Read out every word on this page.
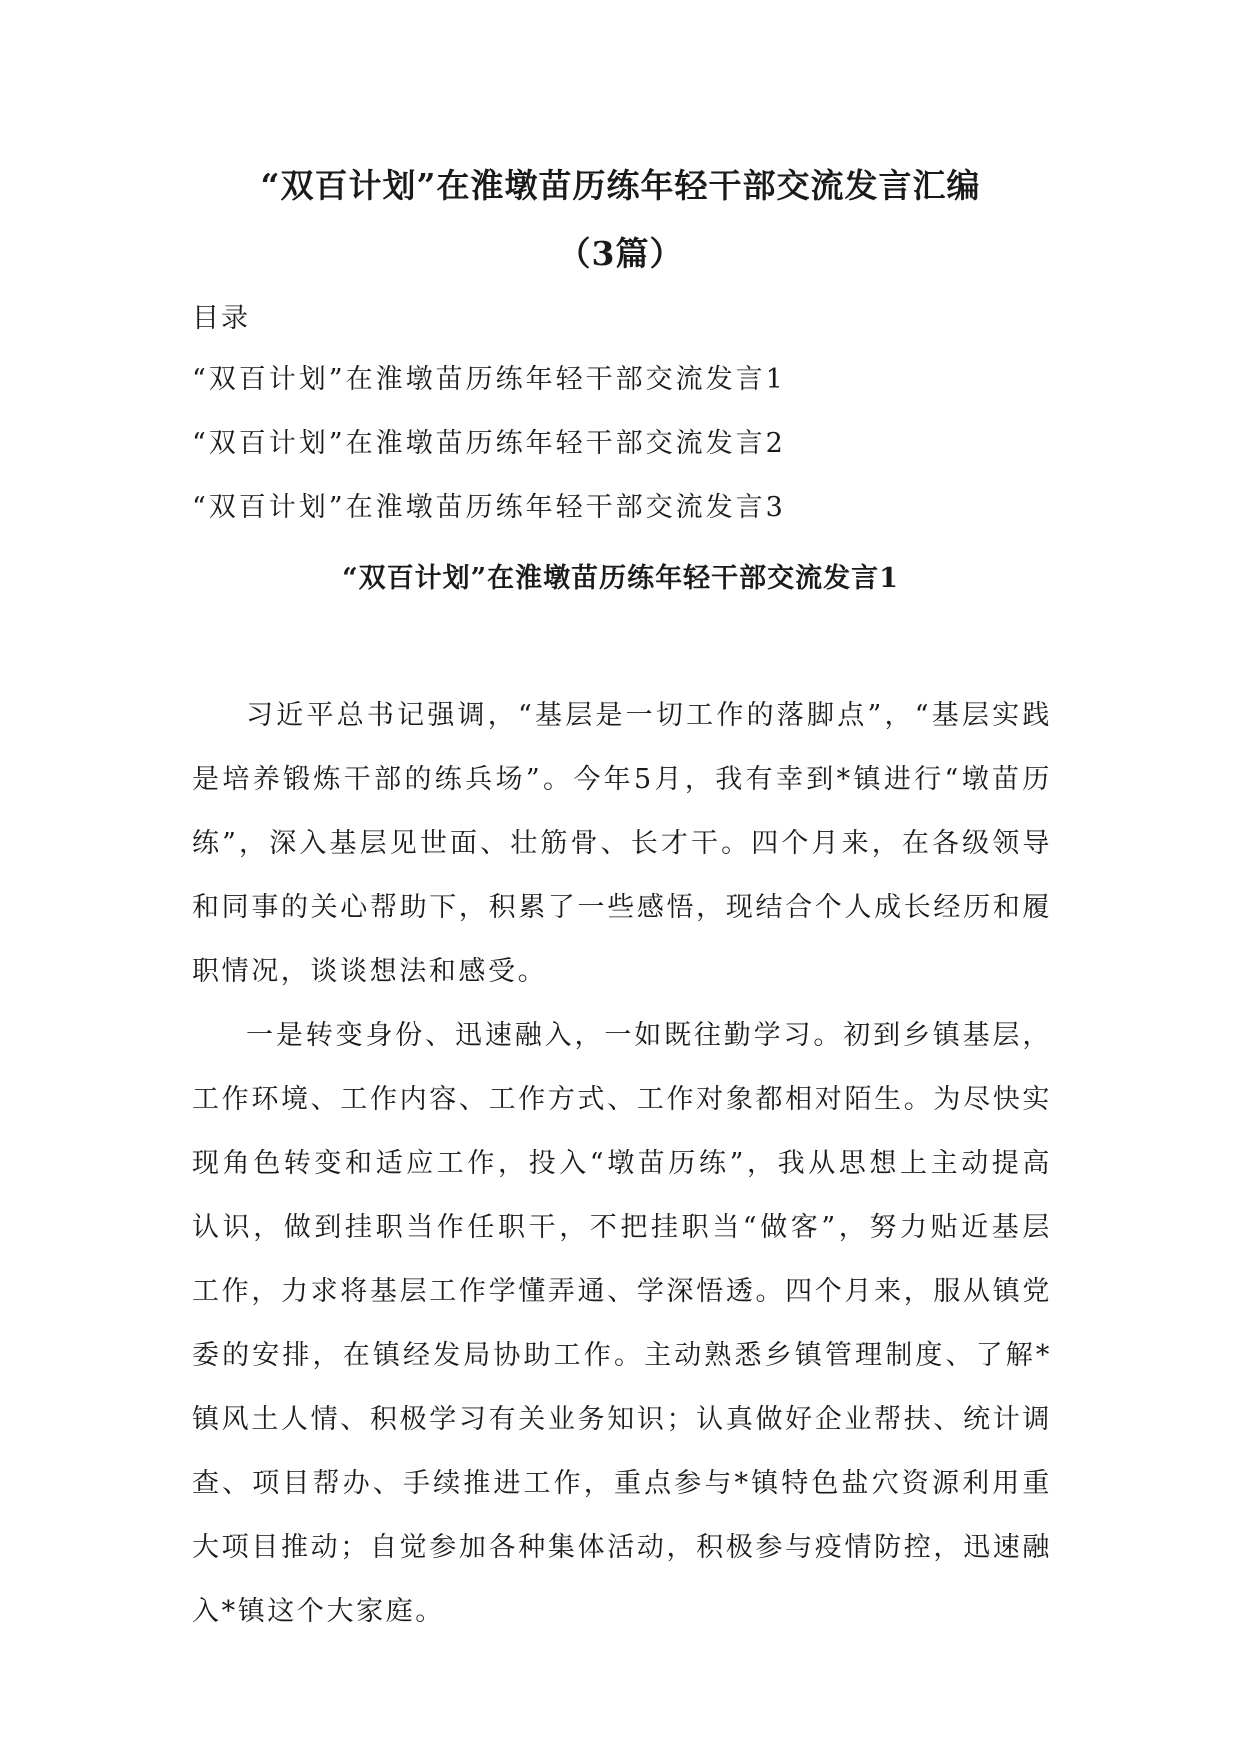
“双百计划”在淮墩苗历练年轻干部交流发言汇编
（3篇）

目录

“双百计划”在淮墩苗历练年轻干部交流发言1
“双百计划”在淮墩苗历练年轻干部交流发言2
“双百计划”在淮墩苗历练年轻干部交流发言3
“双百计划”在淮墩苗历练年轻干部交流发言1

习近平总书记强调，“基层是一切工作的落脚点”，“基层实践是培养锻炼干部的练兵场”。今年5月，我有幸到*镇进行“墩苗历练”，深入基层见世面、壮筋骨、长才干。四个月来，在各级领导和同事的关心帮助下，积累了一些感悟，现结合个人成长经历和履职情况，谈谈想法和感受。

一是转变身份、迅速融入，一如既往勤学习。初到乡镇基层，工作环境、工作内容、工作方式、工作对象都相对陌生。为尽快实现角色转变和适应工作，投入“墩苗历练”，我从思想上主动提高认识，做到挂职当作任职干，不把挂职当“做客”，努力贴近基层工作，力求将基层工作学懂弄通、学深悟透。四个月来，服从镇党委的安排，在镇经发局协助工作。主动熟悉乡镇管理制度、了解*镇风土人情、积极学习有关业务知识；认真做好企业帮扶、统计调查、项目帮办、手续推进工作，重点参与*镇特色盐穴资源利用重大项目推动；自觉参加各种集体活动，积极参与疫情防控，迅速融入*镇这个大家庭。
